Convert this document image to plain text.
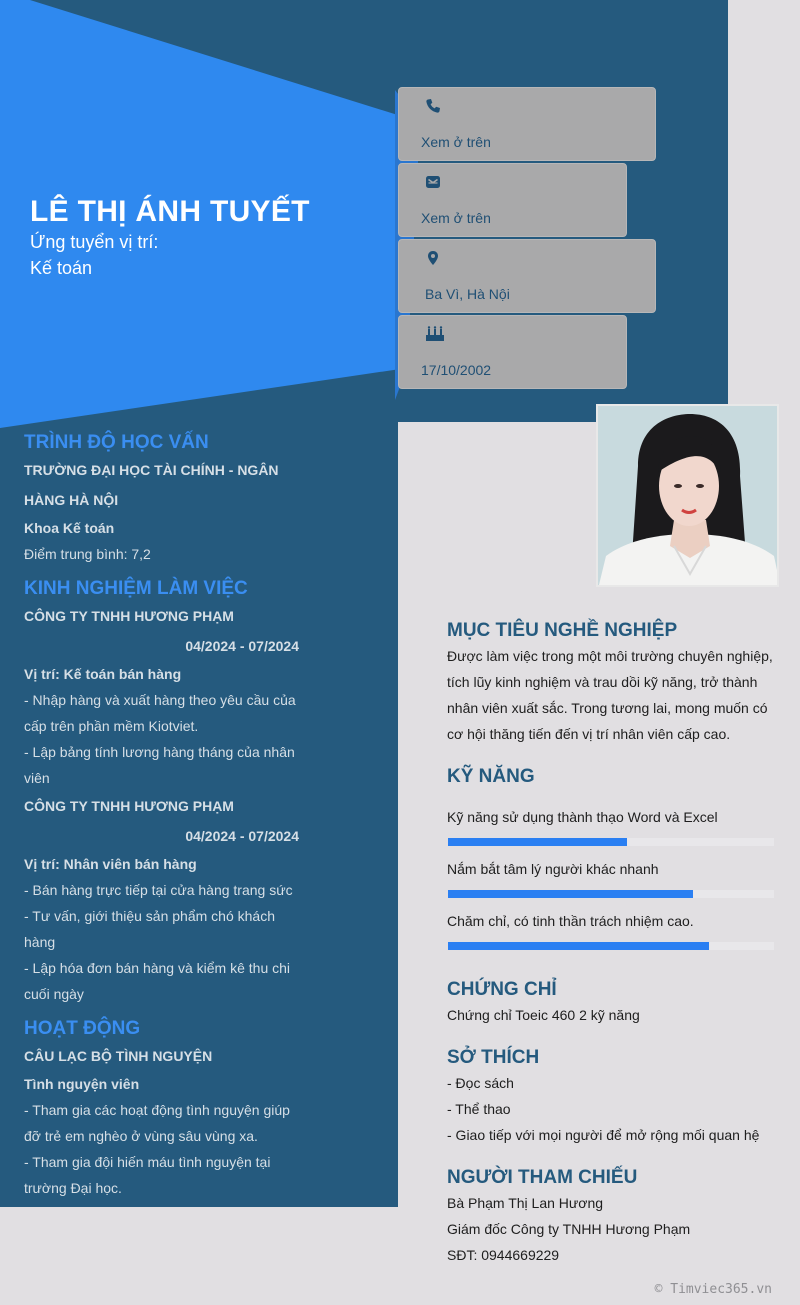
LÊ THỊ ÁNH TUYẾT
Ứng tuyển vị trí:
Kế toán
Xem ở trên
Xem ở trên
Ba Vì, Hà Nội
17/10/2002
TRÌNH ĐỘ HỌC VẤN
TRƯỜNG ĐẠI HỌC TÀI CHÍNH - NGÂN
HÀNG HÀ NỘI
Khoa Kế toán
Điểm trung bình: 7,2
KINH NGHIỆM LÀM VIỆC
CÔNG TY TNHH HƯƠNG PHẠM
04/2024 - 07/2024
Vị trí: Kế toán bán hàng
- Nhập hàng và xuất hàng theo yêu cầu của
cấp trên phần mềm Kiotviet.
- Lập bảng tính lương hàng tháng của nhân
viên
CÔNG TY TNHH HƯƠNG PHẠM
04/2024 - 07/2024
Vị trí: Nhân viên bán hàng
- Bán hàng trực tiếp tại cửa hàng trang sức
- Tư vấn, giới thiệu sản phẩm chó khách
hàng
- Lập hóa đơn bán hàng và kiểm kê thu chi
cuối ngày
HOẠT ĐỘNG
CÂU LẠC BỘ TÌNH NGUYỆN
Tình nguyện viên
- Tham gia các hoạt động tình nguyện giúp
đỡ trẻ em nghèo ở vùng sâu vùng xa.
- Tham gia đội hiến máu tình nguyện tại
trường Đại học.
MỤC TIÊU NGHỀ NGHIỆP
Được làm việc trong một môi trường chuyên nghiệp,
tích lũy kinh nghiệm và trau dồi kỹ năng, trở thành
nhân viên xuất sắc. Trong tương lai, mong muốn có
cơ hội thăng tiến đến vị trí nhân viên cấp cao.
KỸ NĂNG
Kỹ năng sử dụng thành thạo Word và Excel
Nắm bắt tâm lý người khác nhanh
Chăm chỉ, có tinh thần trách nhiệm cao.
CHỨNG CHỈ
Chứng chỉ Toeic 460 2 kỹ năng
SỞ THÍCH
- Đọc sách
- Thể thao
- Giao tiếp với mọi người để mở rộng mối quan hệ
NGƯỜI THAM CHIẾU
Bà Phạm Thị Lan Hương
Giám đốc Công ty TNHH Hương Phạm
SĐT: 0944669229
© Timviec365.vn
